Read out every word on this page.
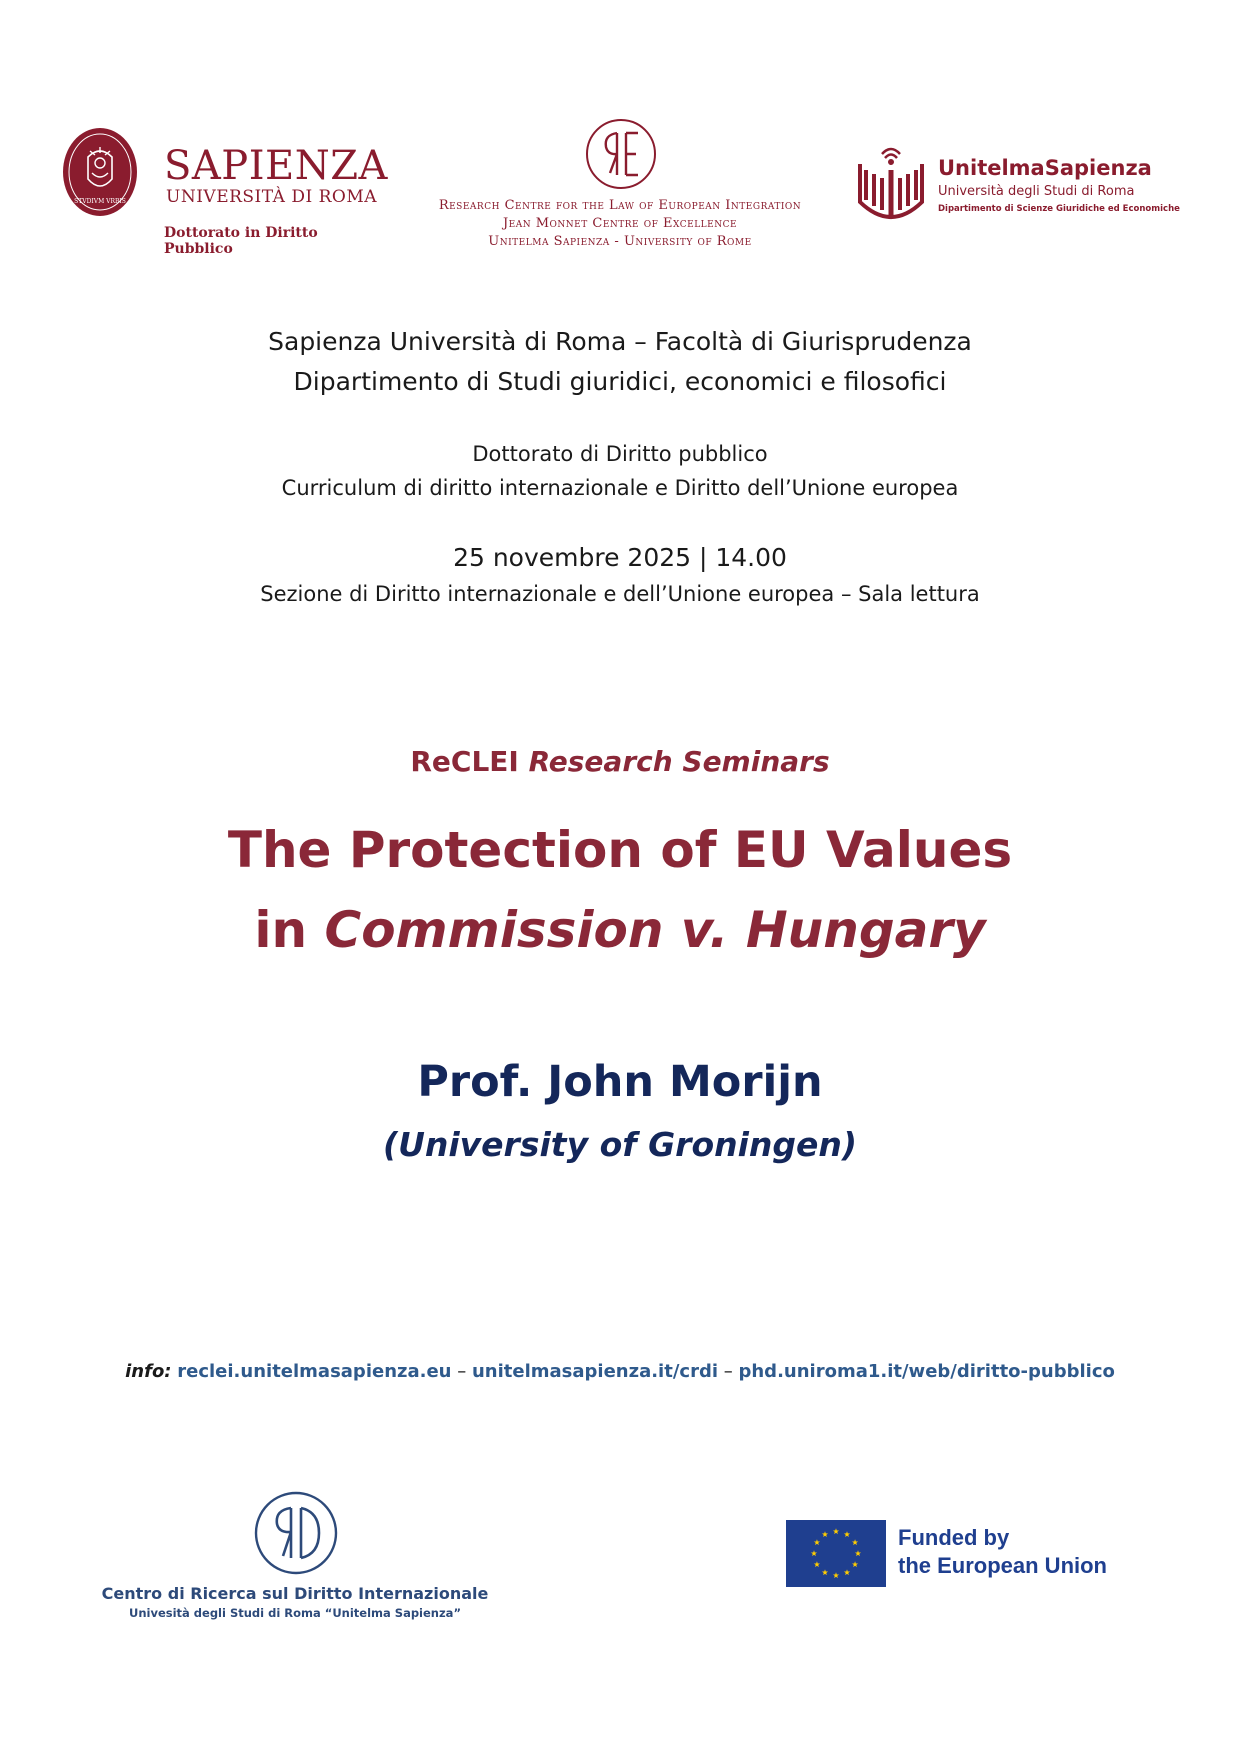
STVDIVM VRBIS
SAPIENZA
UNIVERSITÀ DI ROMA
Dottorato in Diritto Pubblico
Research Centre for the Law of European Integration
Jean Monnet Centre of Excellence
Unitelma Sapienza - University of Rome
UnitelmaSapienza
Università degli Studi di Roma
Dipartimento di Scienze Giuridiche ed Economiche
Sapienza Università di Roma – Facoltà di Giurisprudenza
Dipartimento di Studi giuridici, economici e filosofici
Dottorato di Diritto pubblico
Curriculum di diritto internazionale e Diritto dell’Unione europea
25 novembre 2025 | 14.00
Sezione di Diritto internazionale e dell’Unione europea – Sala lettura
ReCLEI Research Seminars
The Protection of EU Values
in Commission v. Hungary
Prof. John Morijn
(University of Groningen)
info: reclei.unitelmasapienza.eu – unitelmasapienza.it/crdi – phd.uniroma1.it/web/diritto-pubblico
Centro di Ricerca sul Diritto Internazionale
Univesità degli Studi di Roma “Unitelma Sapienza”
Funded by
the European Union
